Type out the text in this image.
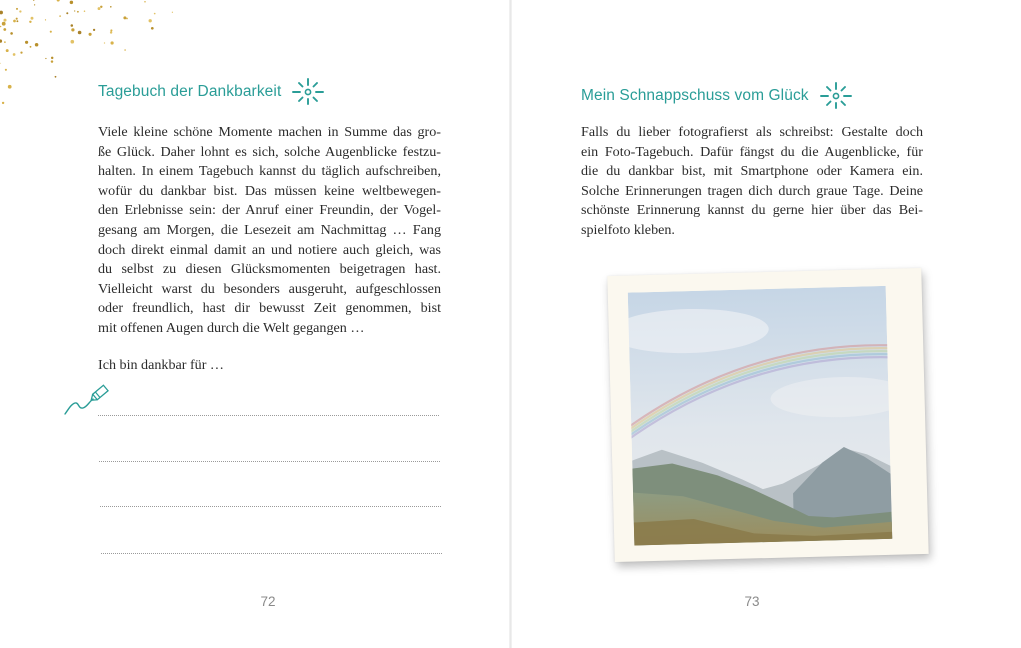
Tagebuch der Dankbarkeit
Viele kleine schöne Momente machen in Summe das gro-
ße Glück. Daher lohnt es sich, solche Augenblicke festzu-
halten. In einem Tagebuch kannst du täglich aufschreiben,
wofür du dankbar bist. Das müssen keine weltbewegen-
den Erlebnisse sein: der Anruf einer Freundin, der Vogel-
gesang am Morgen, die Lesezeit am Nachmittag … Fang
doch direkt einmal damit an und notiere auch gleich, was
du selbst zu diesen Glücksmomenten beigetragen hast.
Vielleicht warst du besonders ausgeruht, aufgeschlossen
oder freundlich, hast dir bewusst Zeit genommen, bist
mit offenen Augen durch die Welt gegangen …
Ich bin dankbar für …
72
Mein Schnappschuss vom Glück
Falls du lieber fotografierst als schreibst: Gestalte doch
ein Foto-Tagebuch. Dafür fängst du die Augenblicke, für
die du dankbar bist, mit Smartphone oder Kamera ein.
Solche Erinnerungen tragen dich durch graue Tage. Deine
schönste Erinnerung kannst du gerne hier über das Bei-
spielfoto kleben.
73
